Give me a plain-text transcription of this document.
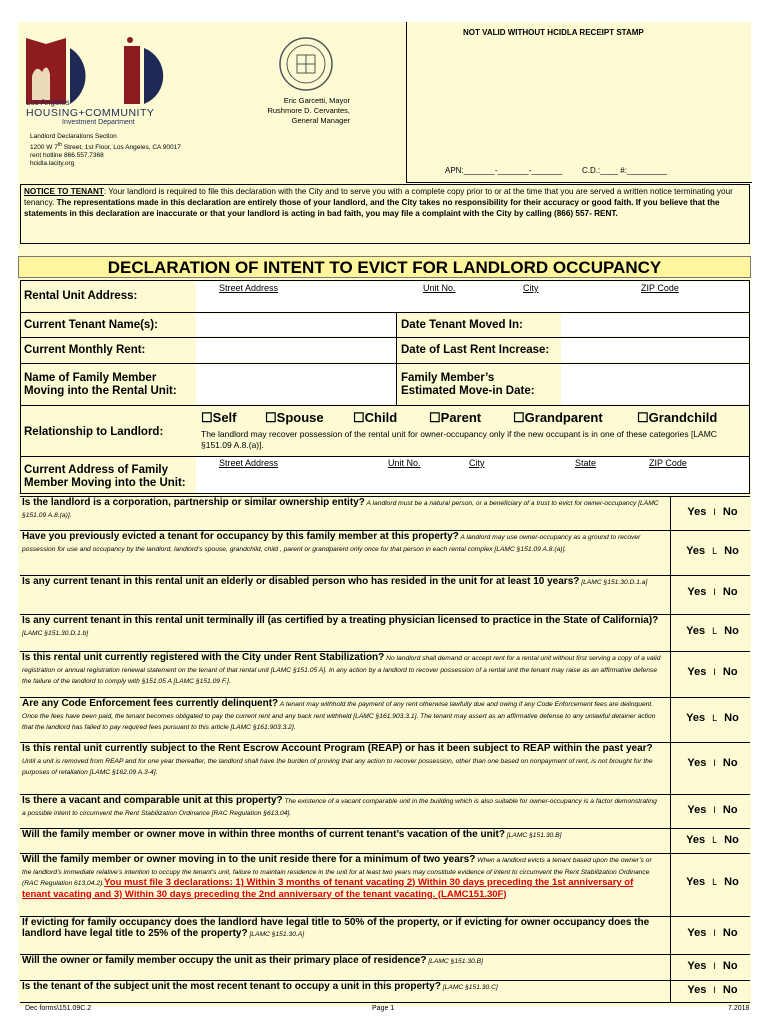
NOT VALID WITHOUT HCIDLA RECEIPT STAMP
Los Angeles
HOUSING+COMMUNITY
Investment Department
Eric Garcetti, Mayor
Rushmore D. Cervantes,
General Manager
Landlord Declarations Section
1200 W 7th Street, 1st Floor, Los Angeles, CA 90017
rent hotline 866.557.7368
hcidla.lacity.org
APN:_______-_______-_______ C.D.:____ #:_________
NOTICE TO TENANT: Your landlord is required to file this declaration with the City and to serve you with a complete copy prior to or at the time that you are served a written notice terminating your tenancy. The representations made in this declaration are entirely those of your landlord, and the City takes no responsibility for their accuracy or good faith. If you believe that the statements in this declaration are inaccurate or that your landlord is acting in bad faith, you may file a complaint with the City by calling (866) 557- RENT.
DECLARATION OF INTENT TO EVICT FOR LANDLORD OCCUPANCY
Rental Unit Address:
Street Address	Unit No.	City	ZIP Code
Current Tenant Name(s):	Date Tenant Moved In:
Current Monthly Rent:	Date of Last Rent Increase:
Name of Family Member
Moving into the Rental Unit:
Family Member’s
Estimated Move-in Date:
Relationship to Landlord:
☐Self ☐Spouse ☐Child ☐Parent ☐Grandparent	☐Grandchild
The landlord may recover possession of the rental unit for owner-occupancy only if the new occupant is in one of these categories [LAMC §151.09 A.8.(a)].
Current Address of Family
Member Moving into the Unit:
Street Address	Unit No.	City	State	ZIP Code
Is the landlord is a corporation, partnership or similar ownership entity? A landlord must be a natural person, or a beneficiary of a trust to evict for owner-occupancy [LAMC §151.09 A.8.(a)].	Yes I No
Have you previously evicted a tenant for occupancy by this family member at this property? A landlord may use owner-occupancy as a ground to recover possession for use and occupancy by the landlord, landlord’s spouse, grandchild, child , parent or grandparent only once for that person in each rental complex [LAMC §151.09 A.8.(a)].	Yes L No
Is any current tenant in this rental unit an elderly or disabled person who has resided in the unit for at least 10 years? [LAMC §151.30.D.1.a]
Yes I No
Is any current tenant in this rental unit terminally ill (as certified by a treating physician licensed to practice in the State of California)? [LAMC §151.30.D.1.b]	Yes L No
Is this rental unit currently registered with the City under Rent Stabilization? No landlord shall demand or accept rent for a rental unit without first serving a copy of a valid registration or annual registration renewal statement on the tenant of that rental unit [LAMC §151.05 A]. In any action by a landlord to recover possession of a rental unit the tenant may raise as an affirmative defense the failure of the landlord to comply with §151.05 A [LAMC §151.09 F.].
Yes I No
Are any Code Enforcement fees currently delinquent? A tenant may withhold the payment of any rent otherwise lawfully due and owing if any Code Enforcement fees are delinquent. Once the fees have been paid, the tenant becomes obligated to pay the current rent and any back rent withheld [LAMC §161.903.3.1]. The tenant may assert as an affirmative defense to any unlawful detainer action that the landlord has failed to pay required fees pursuant to this article [LAMC §161.903.3.2].
Yes L No
Is this rental unit currently subject to the Rent Escrow Account Program (REAP) or has it been subject to REAP within the past year? Until a unit is removed from REAP and for one year thereafter, the landlord shall have the burden of proving that any action to recover possession, other than one based on nonpayment of rent, is not brought for the purposes of retaliation [LAMC §162.09 A.3-4].
Yes I No
Is there a vacant and comparable unit at this property? The existence of a vacant comparable unit in the building which is also suitable for owner-occupancy is a factor demonstrating a possible intent to circumvent the Rent Stabilization Ordinance [RAC Regulation §613.04].	Yes I No
Will the family member or owner move in within three months of current tenant’s vacation of the unit? [LAMC §151.30.B]	Yes L No
Will the family member or owner moving in to the unit reside there for a minimum of two years? When a landlord evicts a tenant based upon the owner’s or the landlord’s immediate relative’s intention to occupy the tenant’s unit, failure to maintain residence in the unit for at least two years may constitute evidence of intent to circumvent the Rent Stabilization Ordinance (RAC Regulation 613.04.2).You must file 3 declarations: 1) Within 3 months of tenant vacating 2) Within 30 days preceding the 1st anniversary of tenant vacating and 3) Within 30 days preceding the 2nd anniversary of the tenant vacating. (LAMC151.30F)
Yes L No
If evicting for family occupancy does the landlord have legal title to 50% of the property, or if evicting for owner occupancy does the landlord have legal title to 25% of the property? [LAMC §151.30.A]	Yes I No
Will the owner or family member occupy the unit as their primary place of residence? [LAMC §151.30.B]	Yes I No
Is the tenant of the subject unit the most recent tenant to occupy a unit in this property? [LAMC §151.30.C]	Yes I No
Dec forms\151.09C.2	Page 1	7.2018
